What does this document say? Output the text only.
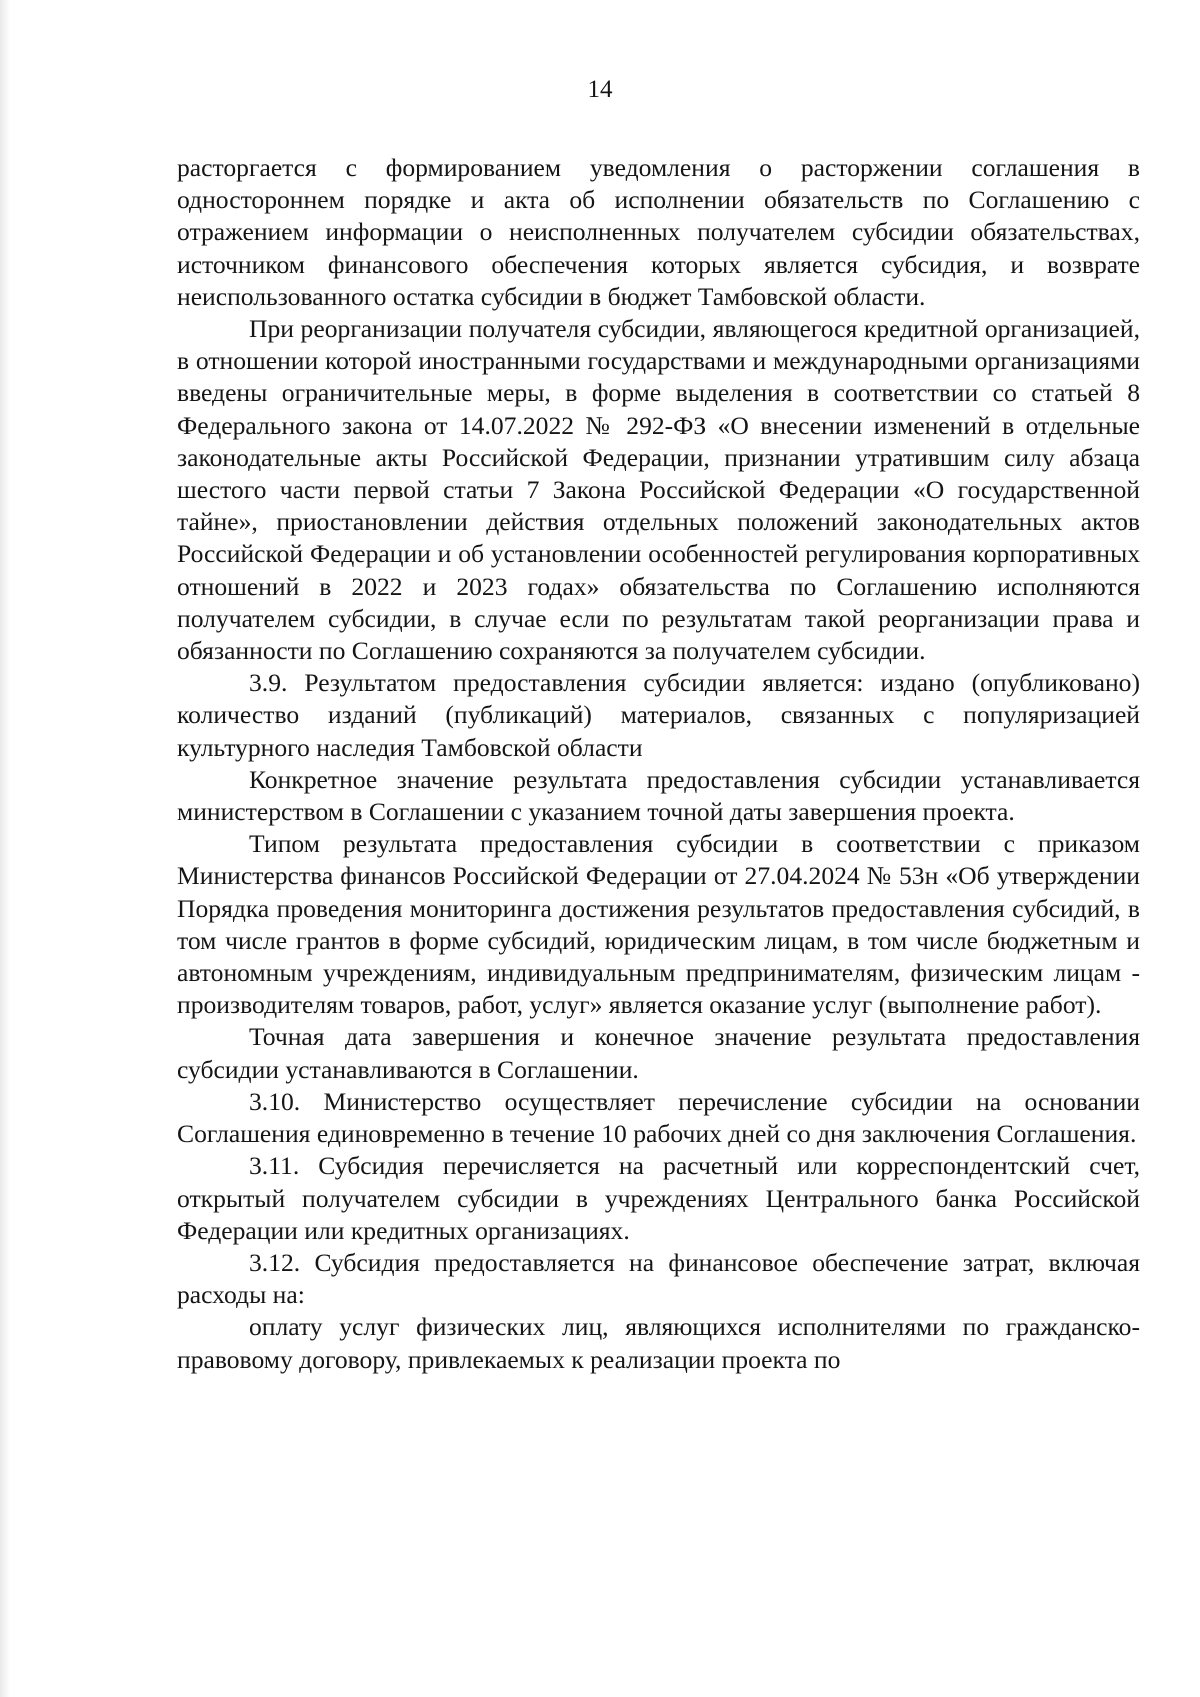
14

расторгается с формированием уведомления о расторжении соглашения в одностороннем порядке и акта об исполнении обязательств по Соглашению с отражением информации о неисполненных получателем субсидии обязательствах, источником финансового обеспечения которых является субсидия, и возврате неиспользованного остатка субсидии в бюджет Тамбовской области.

При реорганизации получателя субсидии, являющегося кредитной организацией, в отношении которой иностранными государствами и международными организациями введены ограничительные меры, в форме выделения в соответствии со статьей 8 Федерального закона от 14.07.2022 № 292-ФЗ «О внесении изменений в отдельные законодательные акты Российской Федерации, признании утратившим силу абзаца шестого части первой статьи 7 Закона Российской Федерации «О государственной тайне», приостановлении действия отдельных положений законодательных актов Российской Федерации и об установлении особенностей регулирования корпоративных отношений в 2022 и 2023 годах» обязательства по Соглашению исполняются получателем субсидии, в случае если по результатам такой реорганизации права и обязанности по Соглашению сохраняются за получателем субсидии.

3.9. Результатом предоставления субсидии является: издано (опубликовано) количество изданий (публикаций) материалов, связанных с популяризацией культурного наследия Тамбовской области

Конкретное значение результата предоставления субсидии устанавливается министерством в Соглашении с указанием точной даты завершения проекта.

Типом результата предоставления субсидии в соответствии с приказом Министерства финансов Российской Федерации от 27.04.2024 № 53н «Об утверждении Порядка проведения мониторинга достижения результатов предоставления субсидий, в том числе грантов в форме субсидий, юридическим лицам, в том числе бюджетным и автономным учреждениям, индивидуальным предпринимателям, физическим лицам - производителям товаров, работ, услуг» является оказание услуг (выполнение работ).

Точная дата завершения и конечное значение результата предоставления субсидии устанавливаются в Соглашении.

3.10. Министерство осуществляет перечисление субсидии на основании Соглашения единовременно в течение 10 рабочих дней со дня заключения Соглашения.

3.11. Субсидия перечисляется на расчетный или корреспондентский счет, открытый получателем субсидии в учреждениях Центрального банка Российской Федерации или кредитных организациях.

3.12. Субсидия предоставляется на финансовое обеспечение затрат, включая расходы на:

оплату услуг физических лиц, являющихся исполнителями по гражданско-правовому договору, привлекаемых к реализации проекта по
